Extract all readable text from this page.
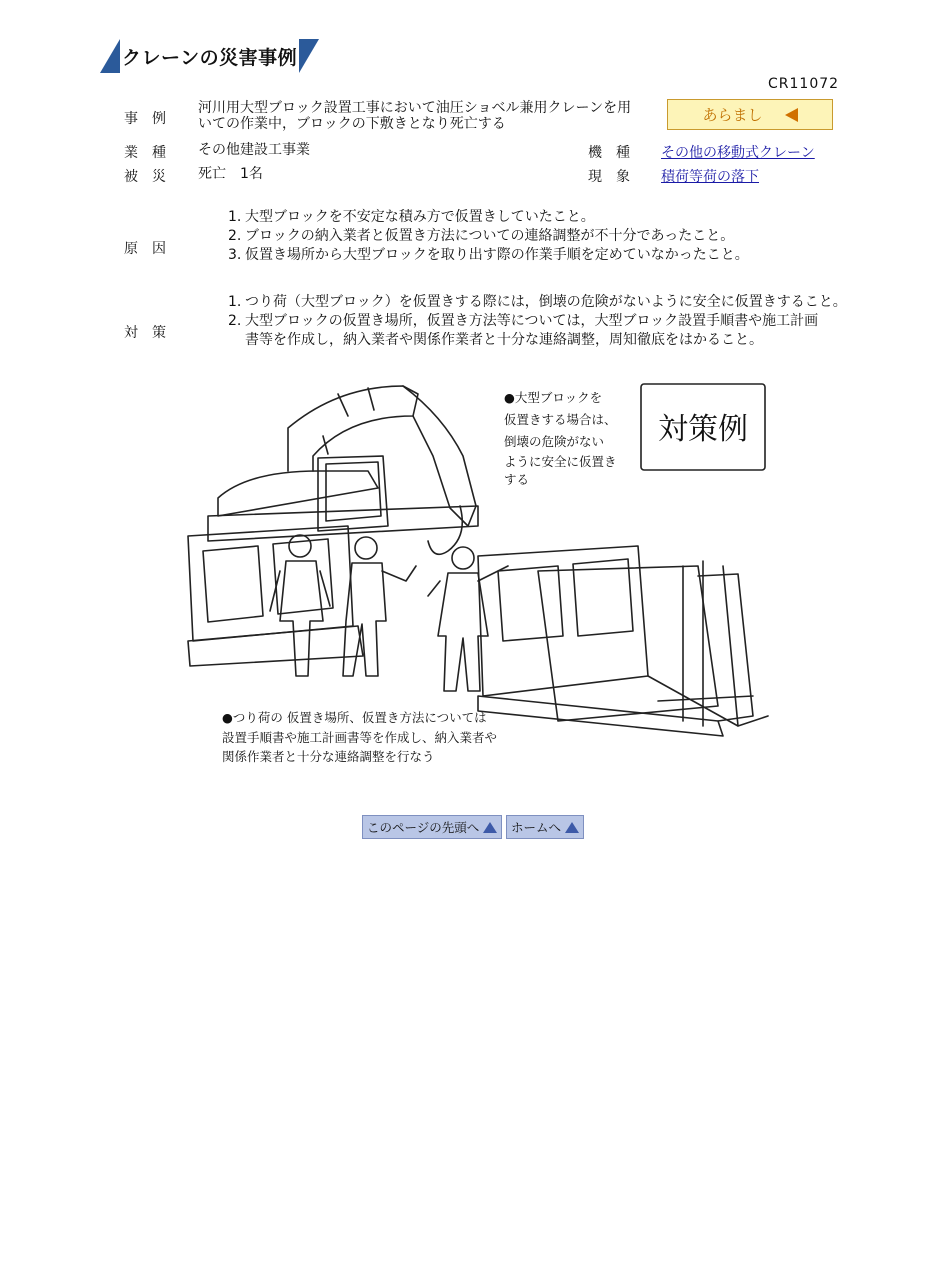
クレーンの災害事例
CR11072
事　例
河川用大型ブロック設置工事において油圧ショベル兼用クレーンを用
いての作業中，ブロックの下敷きとなり死亡する	あらまし
業　種 その他建設工事業	機　種 その他の移動式クレーン
被　災 死亡　1名	現　象 積荷等荷の落下
原　因
1. 大型ブロックを不安定な積み方で仮置きしていたこと。
2. ブロックの納入業者と仮置き方法についての連絡調整が不十分であったこと。
3. 仮置き場所から大型ブロックを取り出す際の作業手順を定めていなかったこと。
対　策
1. つり荷（大型ブロック）を仮置きする際には，倒壊の危険がないように安全に仮置きすること。
2. 大型ブロックの仮置き場所，仮置き方法等については，大型ブロック設置手順書や施工計画
書等を作成し，納入業者や関係作業者と十分な連絡調整，周知徹底をはかること。
対策例
●大型ブロックを
仮置きする場合は、
倒壊の危険がない
ように安全に仮置き
する
●つり荷の 仮置き場所、仮置き方法については
設置手順書や施工計画書等を作成し、納入業者や
関係作業者と十分な連絡調整を行なう
このページの先頭へ	ホームへ
